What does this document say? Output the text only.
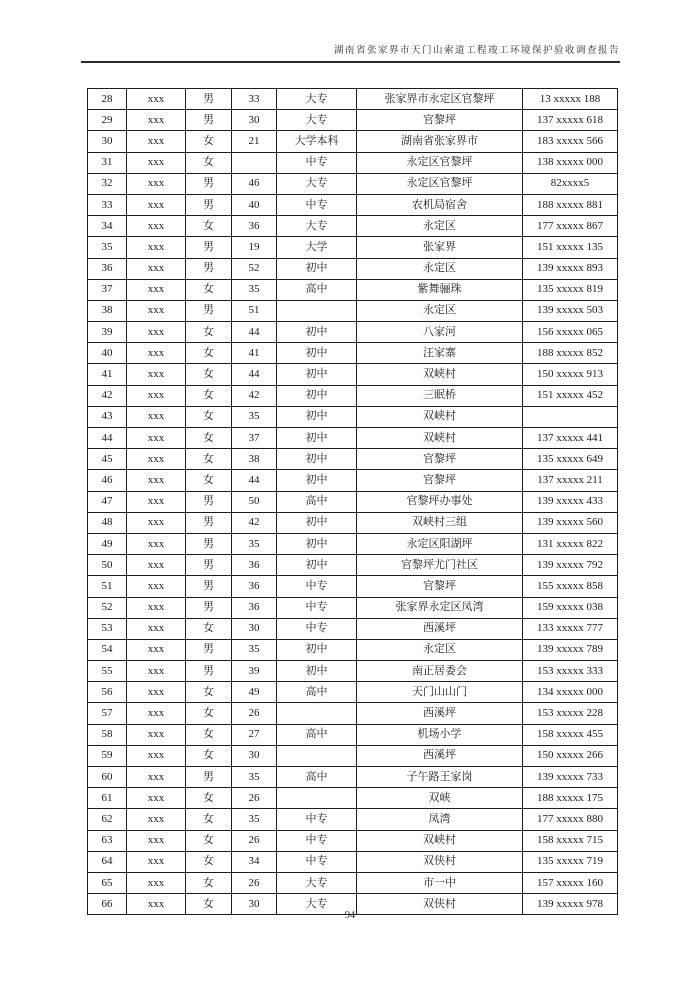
湖南省张家界市天门山索道工程竣工环境保护验收调查报告
28	xxx	男	33	大专	张家界市永定区官黎坪	13 xxxxx 188
29	xxx	男	30	大专	官黎坪	137 xxxxx 618
30	xxx	女	21	大学本科	湖南省张家界市	183 xxxxx 566
31	xxx	女		中专	永定区官黎坪	138 xxxxx 000
32	xxx	男	46	大专	永定区官黎坪	82xxxx5
33	xxx	男	40	中专	农机局宿舍	188 xxxxx 881
34	xxx	女	36	大专	永定区	177 xxxxx 867
35	xxx	男	19	大学	张家界	151 xxxxx 135
36	xxx	男	52	初中	永定区	139 xxxxx 893
37	xxx	女	35	高中	紫舞骊珠	135 xxxxx 819
38	xxx	男	51		永定区	139 xxxxx 503
39	xxx	女	44	初中	八家河	156 xxxxx 065
40	xxx	女	41	初中	汪家寨	188 xxxxx 852
41	xxx	女	44	初中	双峡村	150 xxxxx 913
42	xxx	女	42	初中	三眠桥	151 xxxxx 452
43	xxx	女	35	初中	双峡村	
44	xxx	女	37	初中	双峡村	137 xxxxx 441
45	xxx	女	38	初中	官黎坪	135 xxxxx 649
46	xxx	女	44	初中	官黎坪	137 xxxxx 211
47	xxx	男	50	高中	官黎坪办事处	139 xxxxx 433
48	xxx	男	42	初中	双峡村三组	139 xxxxx 560
49	xxx	男	35	初中	永定区阳湖坪	131 xxxxx 822
50	xxx	男	36	初中	官黎坪尤门社区	139 xxxxx 792
51	xxx	男	36	中专	官黎坪	155 xxxxx 858
52	xxx	男	36	中专	张家界永定区凤湾	159 xxxxx 038
53	xxx	女	30	中专	西溪坪	133 xxxxx 777
54	xxx	男	35	初中	永定区	139 xxxxx 789
55	xxx	男	39	初中	南正居委会	153 xxxxx 333
56	xxx	女	49	高中	天门山山门	134 xxxxx 000
57	xxx	女	26		西溪坪	153 xxxxx 228
58	xxx	女	27	高中	机场小学	158 xxxxx 455
59	xxx	女	30		西溪坪	150 xxxxx 266
60	xxx	男	35	高中	子午路王家岗	139 xxxxx 733
61	xxx	女	26		双峡	188 xxxxx 175
62	xxx	女	35	中专	凤湾	177 xxxxx 880
63	xxx	女	26	中专	双峡村	158 xxxxx 715
64	xxx	女	34	中专	双侠村	135 xxxxx 719
65	xxx	女	26	大专	市一中	157 xxxxx 160
66	xxx	女	30	大专	双侠村	139 xxxxx 978
94
